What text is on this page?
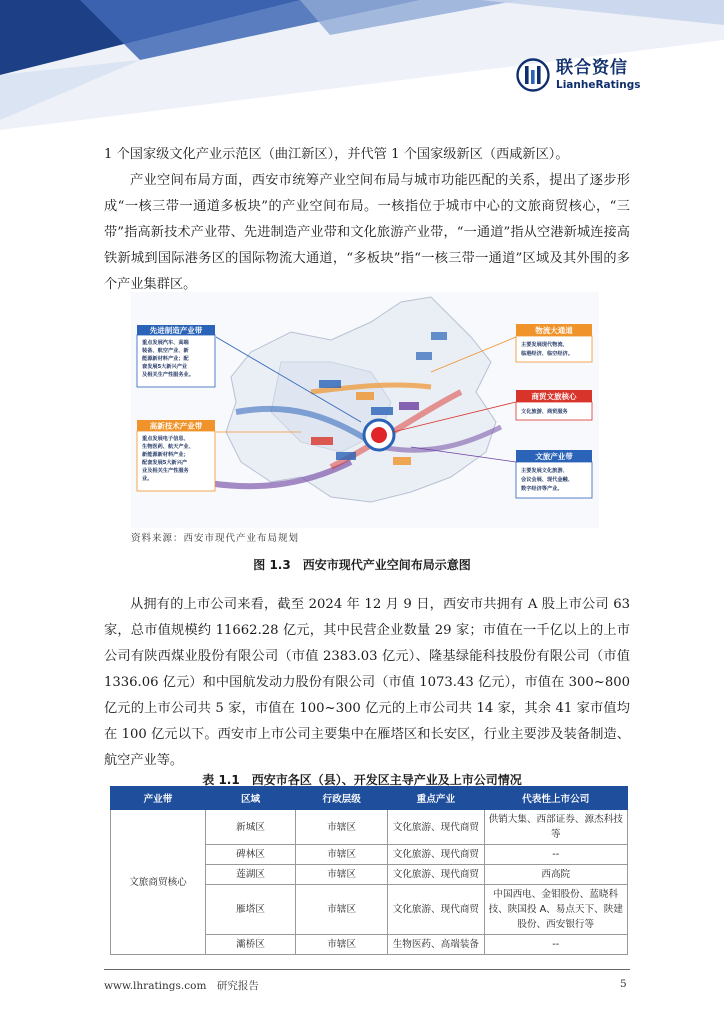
联合资信
LianheRatings
1 个国家级文化产业示范区（曲江新区），并代管 1 个国家级新区（西咸新区）。
产业空间布局方面，西安市统筹产业空间布局与城市功能匹配的关系，提出了逐步形成“一核三带一通道多板块”的产业空间布局。一核指位于城市中心的文旅商贸核心，“三带”指高新技术产业带、先进制造产业带和文化旅游产业带，“一通道”指从空港新城连接高铁新城到国际港务区的国际物流大通道，“多板块”指“一核三带一通道”区域及其外围的多个产业集群区。
先进制造产业带
重点发展汽车、高端 装备、航空产业、新 能源新材料产业；配 套发展5大新兴产业 及相关生产性服务业。
高新技术产业带
重点发展电子信息、 生物医药、航天产业、 新能源新材料产业； 配套发展5大新兴产 业及相关生产性服务 业。
物流大通道
主要发展现代物流、 临港经济、临空经济。
商贸文旅核心
文化旅游、商贸服务
文旅产业带
主要发展文化旅游、 会议会展、现代金融、 数字经济等产业。
资料来源：西安市现代产业布局规划
图 1.3　西安市现代产业空间布局示意图
从拥有的上市公司来看，截至 2024 年 12 月 9 日，西安市共拥有 A 股上市公司 63 家，总市值规模约 11662.28 亿元，其中民营企业数量 29 家；市值在一千亿以上的上市公司有陕西煤业股份有限公司（市值 2383.03 亿元）、隆基绿能科技股份有限公司（市值 1336.06 亿元）和中国航发动力股份有限公司（市值 1073.43 亿元），市值在 300~800 亿元的上市公司共 5 家，市值在 100~300 亿元的上市公司共 14 家，其余 41 家市值均在 100 亿元以下。西安市上市公司主要集中在雁塔区和长安区，行业主要涉及装备制造、航空产业等。
表 1.1　西安市各区（县）、开发区主导产业及上市公司情况
产业带	区域	行政层级	重点产业	代表性上市公司
文旅商贸核心	新城区	市辖区	文化旅游、现代商贸	供销大集、西部证券、源杰科技等
	碑林区	市辖区	文化旅游、现代商贸	--
	莲湖区	市辖区	文化旅游、现代商贸	西高院
	雁塔区	市辖区	文化旅游、现代商贸	中国西电、金钼股份、蓝晓科技、陕国投 A、易点天下、陕建股份、西安银行等
	灞桥区	市辖区	生物医药、高端装备	--
www.lhratings.com　研究报告	5
